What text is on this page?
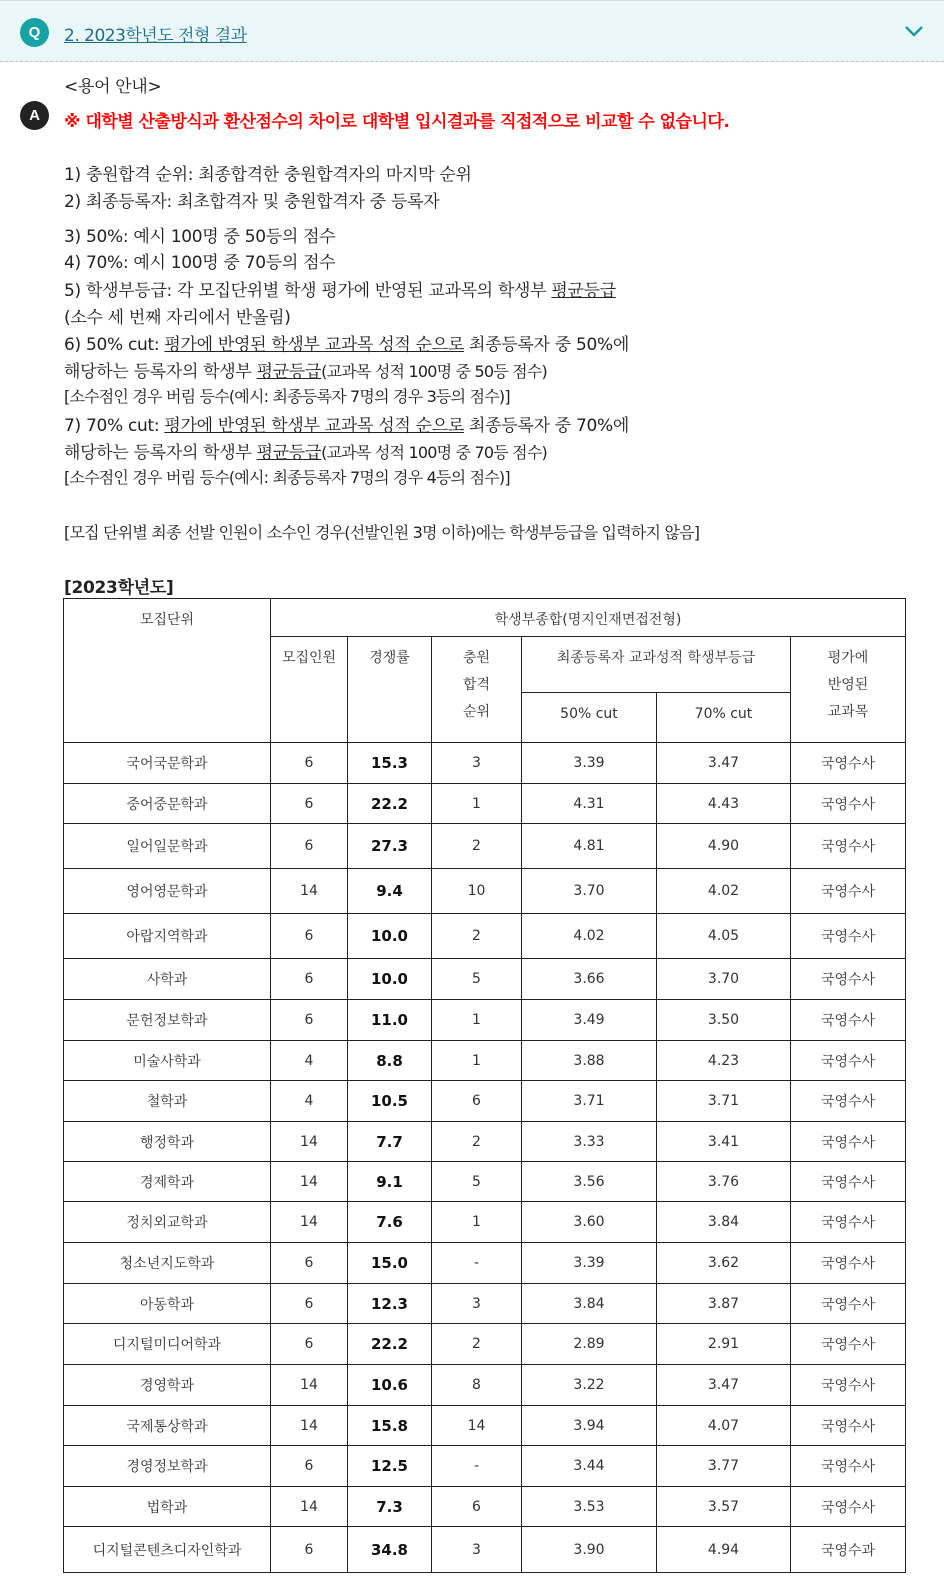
Q	2. 2023학년도 전형 결과
A
<용어 안내>
※ 대학별 산출방식과 환산점수의 차이로 대학별 입시결과를 직접적으로 비교할 수 없습니다.
1) 충원합격 순위: 최종합격한 충원합격자의 마지막 순위
2) 최종등록자: 최초합격자 및 충원합격자 중 등록자
3) 50%: 예시 100명 중 50등의 점수
4) 70%: 예시 100명 중 70등의 점수
5) 학생부등급: 각 모집단위별 학생 평가에 반영된 교과목의 학생부 평균등급
(소수 세 번째 자리에서 반올림)
6) 50% cut: 평가에 반영된 학생부 교과목 성적 순으로 최종등록자 중 50%에
해당하는 등록자의 학생부 평균등급(교과목 성적 100명 중 50등 점수)
[소수점인 경우 버림 등수(예시: 최종등록자 7명의 경우 3등의 점수)]
7) 70% cut: 평가에 반영된 학생부 교과목 성적 순으로 최종등록자 중 70%에
해당하는 등록자의 학생부 평균등급(교과목 성적 100명 중 70등 점수)
[소수점인 경우 버림 등수(예시: 최종등록자 7명의 경우 4등의 점수)]
[모집 단위별 최종 선발 인원이 소수인 경우(선발인원 3명 이하)에는 학생부등급을 입력하지 않음]
[2023학년도]
모집단위	학생부종합(명지인재면접전형)					
	모집인원	경쟁률	충원
합격
순위	최종등록자 교과성적 학생부등급		평가에
반영된
교과목
				50% cut	70% cut	
국어국문학과	6	15.3	3	3.39	3.47	국영수사
중어중문학과	6	22.2	1	4.31	4.43	국영수사
일어일문학과	6	27.3	2	4.81	4.90	국영수사
영어영문학과	14	9.4	10	3.70	4.02	국영수사
아랍지역학과	6	10.0	2	4.02	4.05	국영수사
사학과	6	10.0	5	3.66	3.70	국영수사
문헌정보학과	6	11.0	1	3.49	3.50	국영수사
미술사학과	4	8.8	1	3.88	4.23	국영수사
철학과	4	10.5	6	3.71	3.71	국영수사
행정학과	14	7.7	2	3.33	3.41	국영수사
경제학과	14	9.1	5	3.56	3.76	국영수사
정치외교학과	14	7.6	1	3.60	3.84	국영수사
청소년지도학과	6	15.0	-	3.39	3.62	국영수사
아동학과	6	12.3	3	3.84	3.87	국영수사
디지털미디어학과	6	22.2	2	2.89	2.91	국영수사
경영학과	14	10.6	8	3.22	3.47	국영수사
국제통상학과	14	15.8	14	3.94	4.07	국영수사
경영정보학과	6	12.5	-	3.44	3.77	국영수사
법학과	14	7.3	6	3.53	3.57	국영수사
디지털콘텐츠디자인학과	6	34.8	3	3.90	4.94	국영수과
